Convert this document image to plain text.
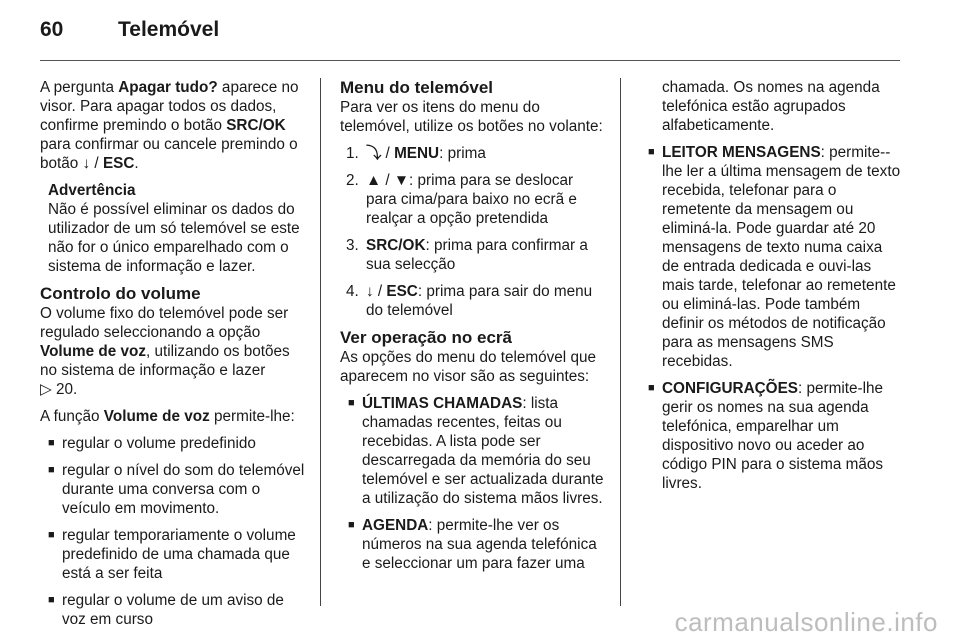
60	Telemóvel

A pergunta Apagar tudo? aparece no visor. Para apagar todos os dados, confirme premindo o botão SRC/OK para confirmar ou cancele premindo o botão ↓ / ESC.

Advertência
Não é possível eliminar os dados do utilizador de um só telemóvel se este não for o único emparelhado com o sistema de informação e lazer.
Controlo do volume

O volume fixo do telemóvel pode ser regulado seleccionando a opção Volume de voz, utilizando os botões no sistema de informação e lazer
▷ 20.

A função Volume de voz permite-lhe:

■ regular o volume predefinido
■ regular o nível do som do telemóvel durante uma conversa com o veículo em movimento.
■ regular temporariamente o volume predefinido de uma chamada que está a ser feita
■ regular o volume de um aviso de voz em curso
Menu do telemóvel

Para ver os itens do menu do telemóvel, utilize os botões no volante:

1. ⤵ / MENU: prima
2. ▲ / ▼: prima para se deslocar para cima/para baixo no ecrã e realçar a opção pretendida
3. SRC/OK: prima para confirmar a sua selecção
4. ↓ / ESC: prima para sair do menu do telemóvel
Ver operação no ecrã

As opções do menu do telemóvel que aparecem no visor são as seguintes:

■ ÚLTIMAS CHAMADAS: lista chamadas recentes, feitas ou recebidas. A lista pode ser descarregada da memória do seu telemóvel e ser actualizada durante a utilização do sistema mãos livres.
■ AGENDA: permite-lhe ver os números na sua agenda telefónica e seleccionar um para fazer uma

chamada. Os nomes na agenda telefónica estão agrupados alfabeticamente.

■ LEITOR MENSAGENS: permite--lhe ler a última mensagem de texto recebida, telefonar para o remetente da mensagem ou eliminá-la. Pode guardar até 20 mensagens de texto numa caixa de entrada dedicada e ouvi-las mais tarde, telefonar ao remetente ou eliminá-las. Pode também definir os métodos de notificação para as mensagens SMS recebidas.
■ CONFIGURAÇÕES: permite-lhe gerir os nomes na sua agenda telefónica, emparelhar um dispositivo novo ou aceder ao código PIN para o sistema mãos livres.
carmanualsonline.info
